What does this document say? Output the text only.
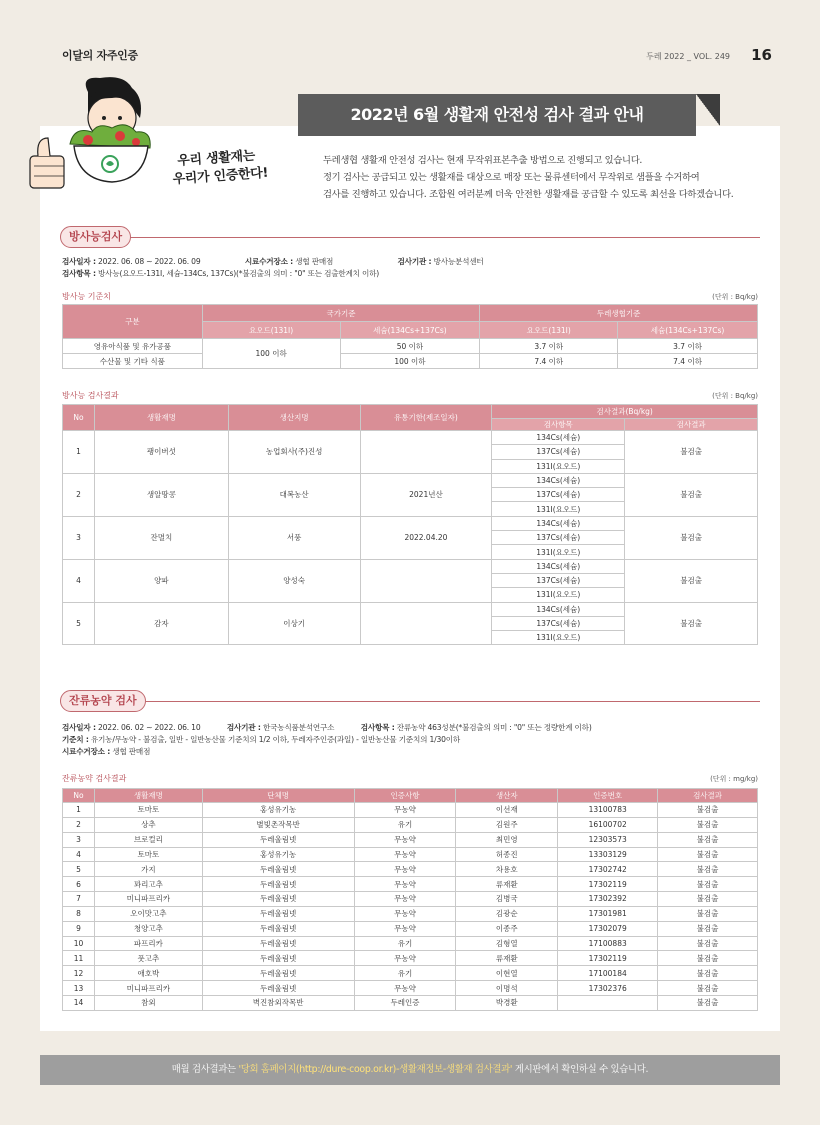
이달의 자주인증	두레 2022 _ VOL. 249 16
2022년 6월 생활재 안전성 검사 결과 안내
우리 생활재는
우리가 인증한다!
두레생협 생활재 안전성 검사는 현재 무작위표본추출 방법으로 진행되고 있습니다.
정기 검사는 공급되고 있는 생활재를 대상으로 매장 또는 물류센터에서 무작위로 샘플을 수거하여
검사를 진행하고 있습니다. 조합원 여러분께 더욱 안전한 생활재를 공급할 수 있도록 최선을 다하겠습니다.
방사능검사
검사일자 : 2022. 06. 08 ~ 2022. 06. 09	시료수거장소 : 생협 판매점	검사기관 : 방사능분석센터
검사항목 : 방사능(요오드-131I, 세슘-134Cs, 137Cs)(*불검출의 의미 : "0" 또는 검출한계치 이하)
방사능 기준치	(단위 : Bq/kg)
구분	국가기준		두레생협기준	
	요오드(131I)	세슘(134Cs+137Cs)	요오드(131I)	세슘(134Cs+137Cs)
영유아식품 및 유가공품	100 이하	50 이하	3.7 이하	3.7 이하
수산물 및 기타 식품		100 이하	7.4 이하	7.4 이하
방사능 검사결과	(단위 : Bq/kg)
No	생활재명	생산지명	유통기한(제조일자)	검사결과(Bq/kg)	
				검사항목	검사결과
1	팽이버섯	농업회사(주)진성		134Cs(세슘)	불검출
				137Cs(세슘)	
				131I(요오드)	
2	생알땅콩	대복농산	2021년산	134Cs(세슘)	불검출
				137Cs(세슘)	
				131I(요오드)	
3	잔멸치	서풍	2022.04.20	134Cs(세슘)	불검출
				137Cs(세슘)	
				131I(요오드)	
4	양파	양성숙		134Cs(세슘)	불검출
				137Cs(세슘)	
				131I(요오드)	
5	감자	이상기		134Cs(세슘)	불검출
				137Cs(세슘)	
				131I(요오드)	
잔류농약 검사
검사일자 : 2022. 06. 02 ~ 2022. 06. 10	검사기관 : 한국농식품분석연구소	검사항목 : 잔류농약 463성분(*불검출의 의미 : "0" 또는 정량한계 이하)
기준치 : 유기농/무농약 - 불검출, 일반 - 일반농산물 기준치의 1/2 이하, 두레자주인증(과일) - 일반농산물 기준치의 1/30이하
시료수거장소 : 생협 판매점
잔류농약 검사결과	(단위 : mg/kg)
No	생활재명	단체명	인증사항	생산자	인증번호	검사결과
1	토마토	홍성유기농	무농약	이선재	13100783	불검출
2	상추	별빛촌작목반	유기	김원주	16100702	불검출
3	브로컬리	두레울림넷	무농약	최민영	12303573	불검출
4	토마토	홍성유기농	무농약	허종진	13303129	불검출
5	가지	두레울림넷	무농약	차용호	17302742	불검출
6	꽈리고추	두레울림넷	무농약	류재환	17302119	불검출
7	미니파프리카	두레울림넷	무농약	김병국	17302392	불검출
8	오이맛고추	두레울림넷	무농약	김광순	17301981	불검출
9	청양고추	두레울림넷	무농약	이종주	17302079	불검출
10	파프리카	두레울림넷	유기	김형열	17100883	불검출
11	풋고추	두레울림넷	무농약	류재환	17302119	불검출
12	애호박	두레울림넷	유기	이현열	17100184	불검출
13	미니파프리카	두레울림넷	무농약	이명석	17302376	불검출
14	참외	벽진참외작목반	두레인증	박경환		불검출
매월 검사결과는 '당회 홈페이지(http://dure-coop.or.kr)-생활재정보-생활재 검사결과' 게시판에서 확인하실 수 있습니다.
